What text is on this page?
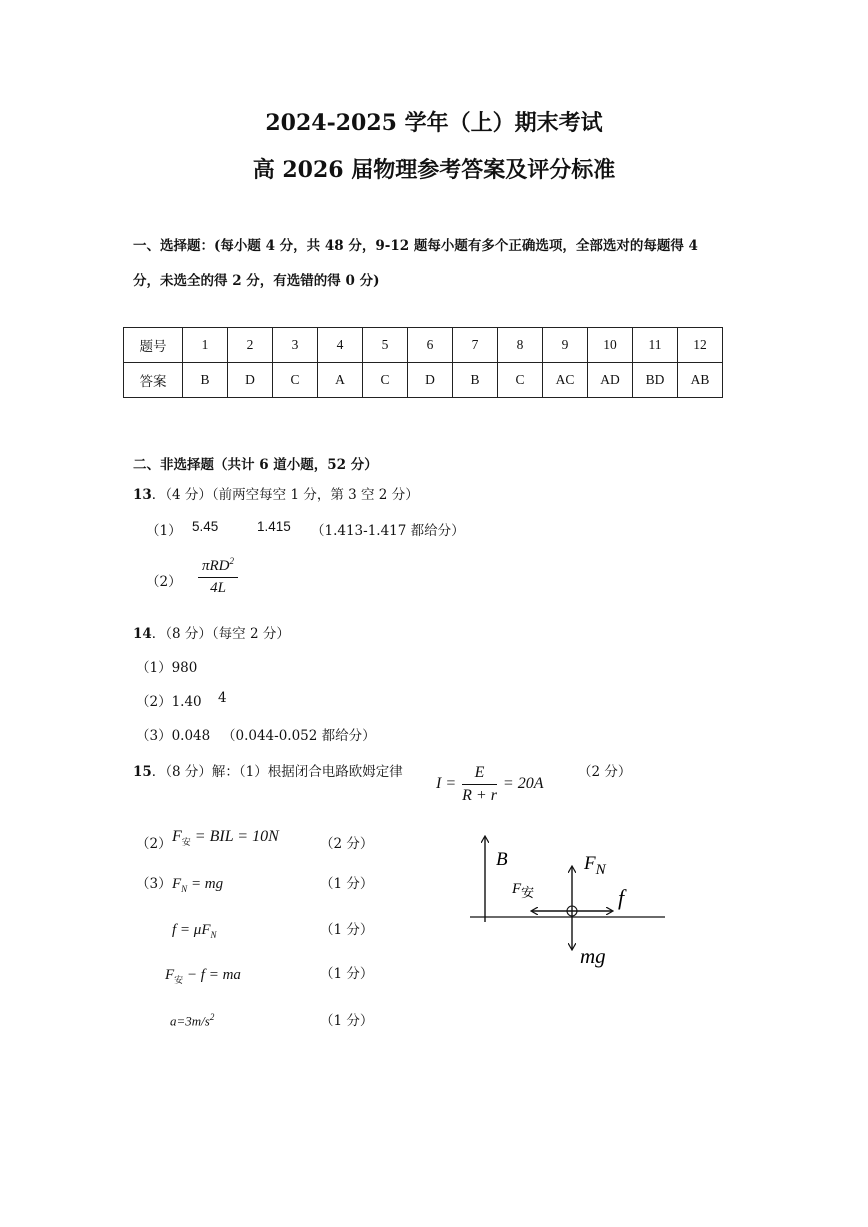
2024-2025 学年（上）期末考试
高 2026 届物理参考答案及评分标准
一、选择题：(每小题 4 分，共 48 分，9-12 题每小题有多个正确选项，全部选对的每题得 4
分，未选全的得 2 分，有选错的得 0 分)
题号	1	2	3	4	5	6	7	8	9	10	11	12
答案	B	D	C	A	C	D	B	C	AC	AD	BD	AB
二、非选择题（共计 6 道小题，52 分）
13．（4 分）（前两空每空 1 分，第 3 空 2 分）
（1） 5.45	1.415 （1.413-1.417 都给分）
$(2) \frac{\pi RD^2}{4L}$
14．（8 分）（每空 2 分）
（1）980
（2）1.40 4
（3）0.048 （0.044-0.052 都给分）
15．（8 分）解：（1）根据闭合电路欧姆定律
$I = \frac{E}{R + r} = 20A$
（2 分）
（2） $F_安$ = BIL = 10N	（2 分）
（3） $F_N$ = mg	（1 分）
$f = \mu F_N$	（1 分）
$F_安 - f$ = ma	（1 分）
$a=3m/s^2$	（1 分）
B	$F_N$
F安	f
mg
